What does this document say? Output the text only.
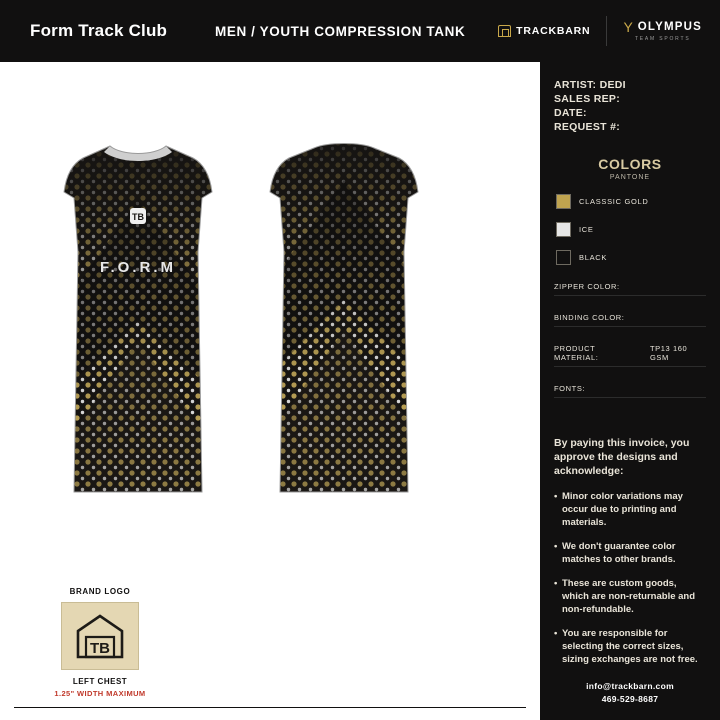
Form Track Club	MEN / YOUTH COMPRESSION TANK	TRACKBARN Υ OLYMPUS
TEAM SPORTS
TB
F.O.R.M
BRAND LOGO
TB
LEFT CHEST
1.25" WIDTH MAXIMUM
ARTIST: DEDI
SALES REP:
DATE:
REQUEST #:
COLORS
PANTONE
CLASSSIC GOLD
ICE
BLACK
ZIPPER COLOR:
BINDING COLOR:
PRODUCT MATERIAL:
TP13 160 GSM
FONTS:
By paying this invoice, you approve the designs and acknowledge:
• Minor color variations may occur due to printing and materials.
• We don't guarantee color matches to other brands.
• These are custom goods, which are non-returnable and non-refundable.
• You are responsible for selecting the correct sizes, sizing exchanges are not free.
info@trackbarn.com
469-529-8687
